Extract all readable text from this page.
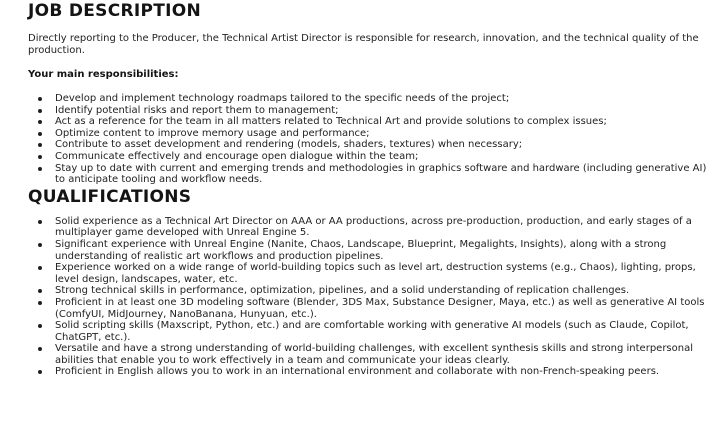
JOB DESCRIPTION

Directly reporting to the Producer, the Technical Artist Director is responsible for research, innovation, and the technical quality of the production.

Your main responsibilities:
Develop and implement technology roadmaps tailored to the specific needs of the project;
Identify potential risks and report them to management;
Act as a reference for the team in all matters related to Technical Art and provide solutions to complex issues;
Optimize content to improve memory usage and performance;
Contribute to asset development and rendering (models, shaders, textures) when necessary;
Communicate effectively and encourage open dialogue within the team;
Stay up to date with current and emerging trends and methodologies in graphics software and hardware (including generative AI) to anticipate tooling and workflow needs.
QUALIFICATIONS
Solid experience as a Technical Art Director on AAA or AA productions, across pre-production, production, and early stages of a multiplayer game developed with Unreal Engine 5.
Significant experience with Unreal Engine (Nanite, Chaos, Landscape, Blueprint, Megalights, Insights), along with a strong understanding of realistic art workflows and production pipelines.
Experience worked on a wide range of world-building topics such as level art, destruction systems (e.g., Chaos), lighting, props, level design, landscapes, water, etc.
Strong technical skills in performance, optimization, pipelines, and a solid understanding of replication challenges.
Proficient in at least one 3D modeling software (Blender, 3DS Max, Substance Designer, Maya, etc.) as well as generative AI tools (ComfyUI, MidJourney, NanoBanana, Hunyuan, etc.).
Solid scripting skills (Maxscript, Python, etc.) and are comfortable working with generative AI models (such as Claude, Copilot, ChatGPT, etc.).
Versatile and have a strong understanding of world-building challenges, with excellent synthesis skills and strong interpersonal abilities that enable you to work effectively in a team and communicate your ideas clearly.
Proficient in English allows you to work in an international environment and collaborate with non-French-speaking peers.
